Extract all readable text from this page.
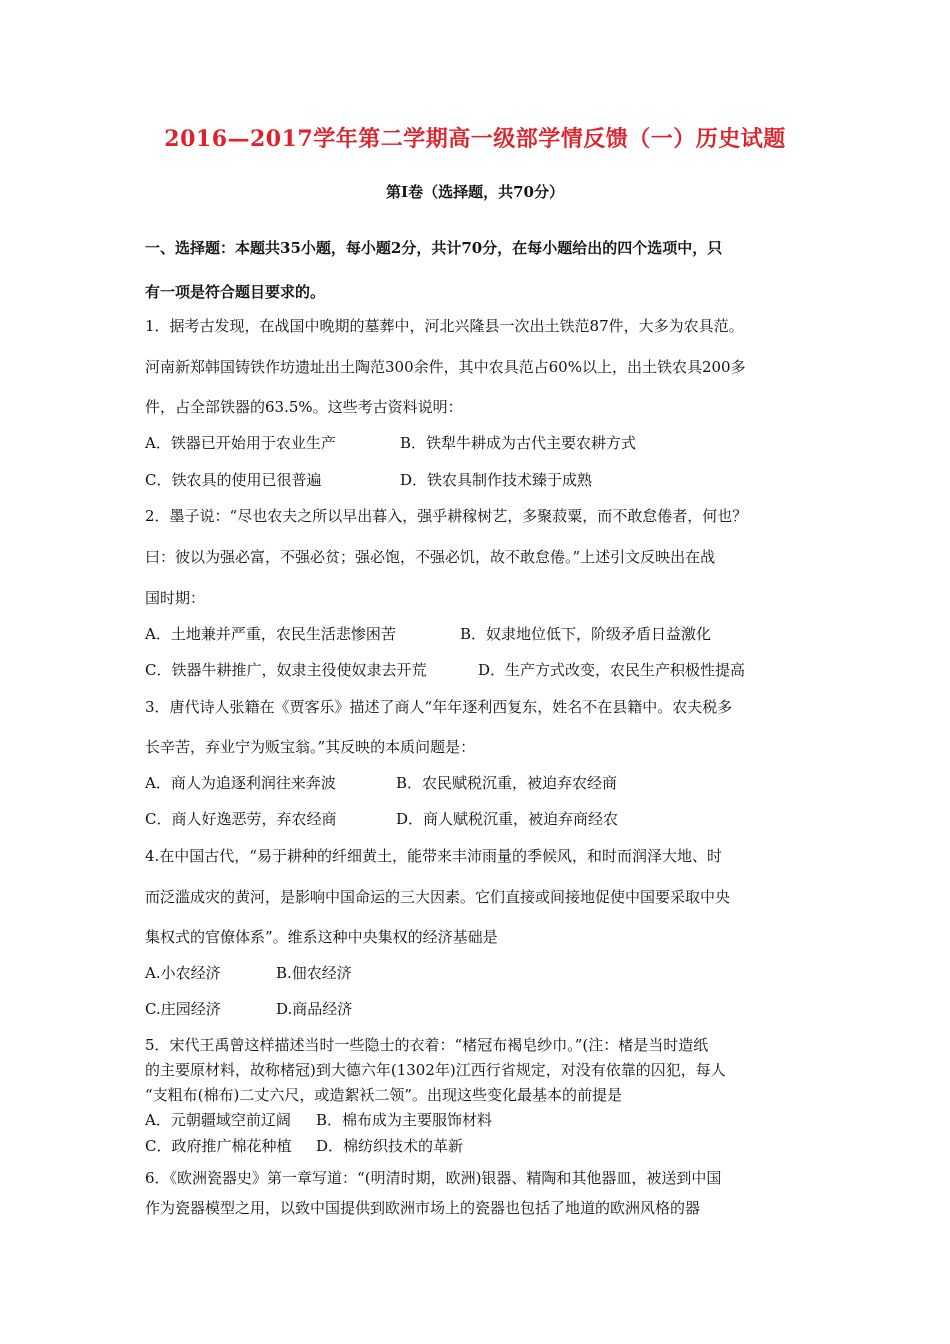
2016—2017学年第二学期高一级部学情反馈（一）历史试题
第Ⅰ卷（选择题，共70分）
一、选择题：本题共35小题，每小题2分，共计70分，在每小题给出的四个选项中，只
有一项是符合题目要求的。
1．据考古发现，在战国中晚期的墓葬中，河北兴隆县一次出土铁范87件，大多为农具范。
河南新郑韩国铸铁作坊遗址出土陶范300余件，其中农具范占60%以上，出土铁农具200多
件，占全部铁器的63.5%。这些考古资料说明：
A．铁器已开始用于农业生产	B．铁犁牛耕成为古代主要农耕方式
C．铁农具的使用已很普遍	D．铁农具制作技术臻于成熟
2．墨子说：“尽也农夫之所以早出暮入，强乎耕稼树艺，多聚菽粟，而不敢怠倦者，何也？
曰：彼以为强必富，不强必贫；强必饱，不强必饥，故不敢怠倦。”上述引文反映出在战
国时期：
A．土地兼并严重，农民生活悲惨困苦	B．奴隶地位低下，阶级矛盾日益激化
C．铁器牛耕推广，奴隶主役使奴隶去开荒	D．生产方式改变，农民生产积极性提高
3．唐代诗人张籍在《贾客乐》描述了商人“年年逐利西复东，姓名不在县籍中。农夫税多
长辛苦，弃业宁为贩宝翁。”其反映的本质问题是：
A．商人为追逐利润往来奔波	B．农民赋税沉重，被迫弃农经商
C．商人好逸恶劳，弃农经商	D．商人赋税沉重，被迫弃商经农
4.在中国古代，“易于耕种的纤细黄土，能带来丰沛雨量的季候风，和时而润泽大地、时
而泛滥成灾的黄河，是影响中国命运的三大因素。它们直接或间接地促使中国要采取中央
集权式的官僚体系”。维系这种中央集权的经济基础是
A.小农经济	B.佃农经济
C.庄园经济	D.商品经济
5．宋代王禹曾这样描述当时一些隐士的衣着：“楮冠布褐皂纱巾。”(注：楮是当时造纸
的主要原材料，故称楮冠)到大德六年(1302年)江西行省规定，对没有依靠的囚犯，每人
“支粗布(棉布)二丈六尺，或造絮袄二领”。出现这些变化最基本的前提是
A．元朝疆域空前辽阔 B．棉布成为主要服饰材料
C．政府推广棉花种植 D．棉纺织技术的革新
6．《欧洲瓷器史》第一章写道：“(明清时期，欧洲)银器、精陶和其他器皿，被送到中国
作为瓷器模型之用，以致中国提供到欧洲市场上的瓷器也包括了地道的欧洲风格的器
